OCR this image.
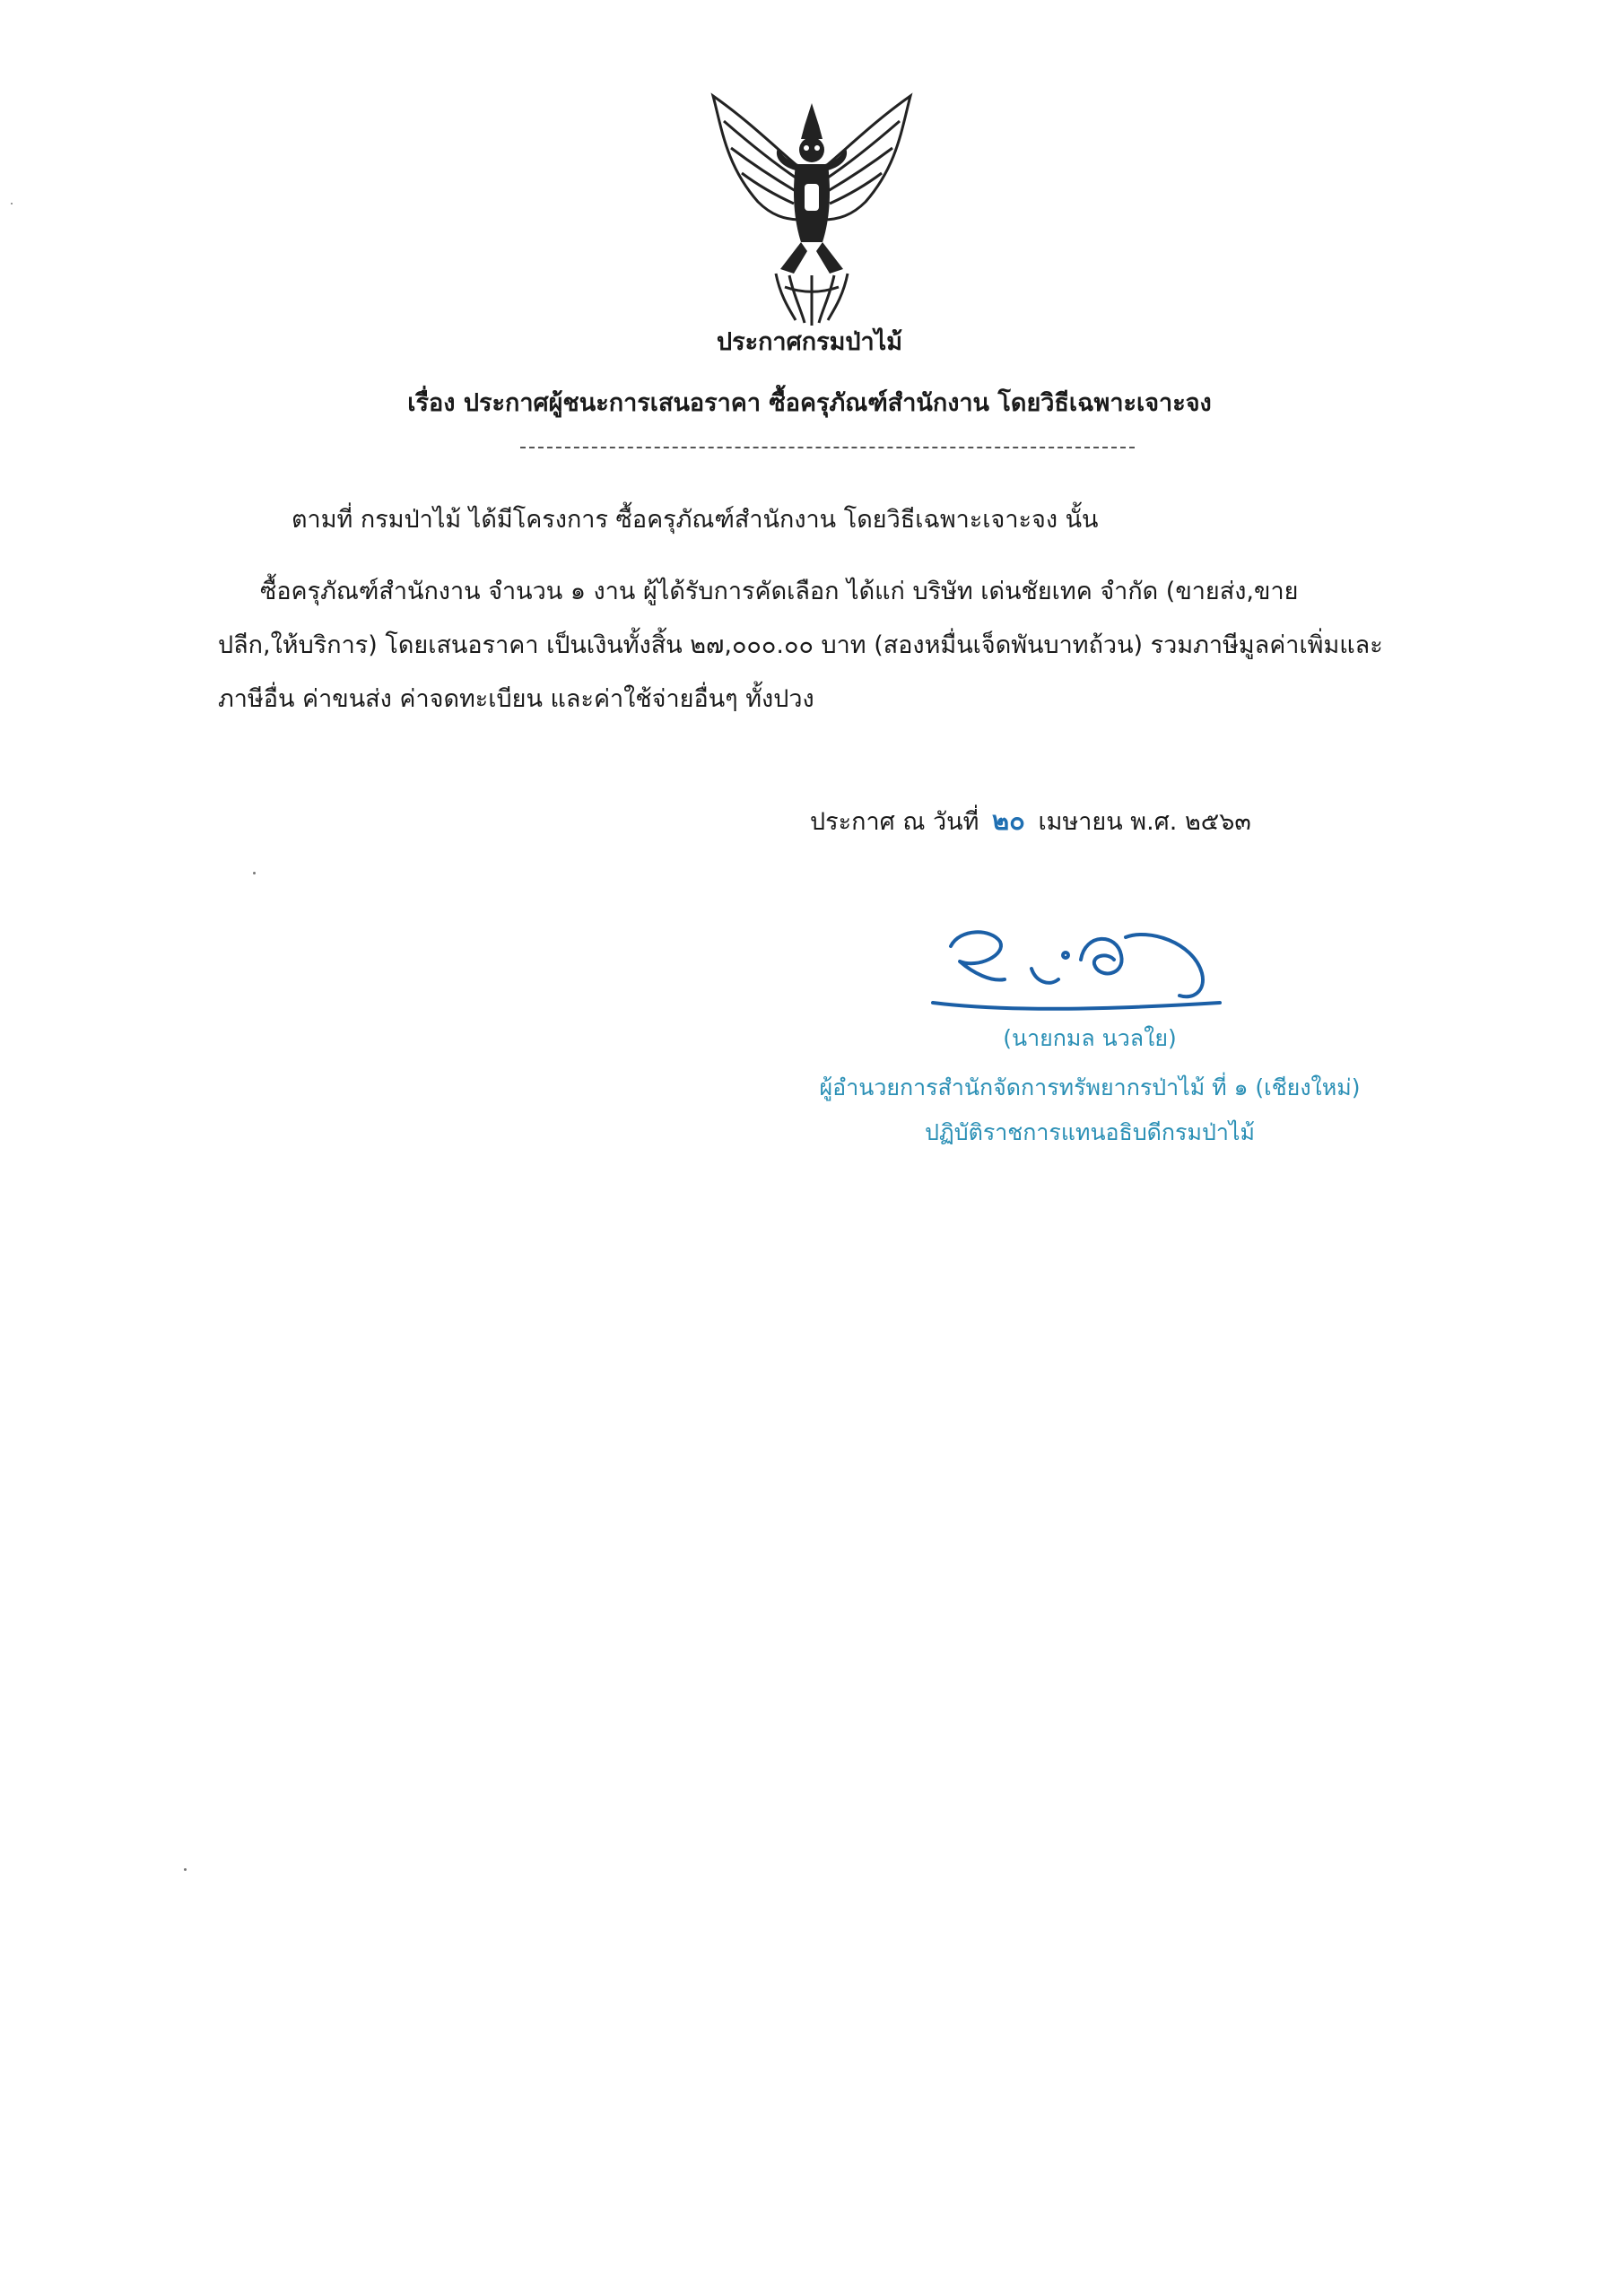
ประกาศกรมป่าไม้
เรื่อง ประกาศผู้ชนะการเสนอราคา ซื้อครุภัณฑ์สำนักงาน โดยวิธีเฉพาะเจาะจง
ตามที่ กรมป่าไม้ ได้มีโครงการ ซื้อครุภัณฑ์สำนักงาน โดยวิธีเฉพาะเจาะจง นั้น
ซื้อครุภัณฑ์สำนักงาน จำนวน ๑ งาน ผู้ได้รับการคัดเลือก ได้แก่ บริษัท เด่นชัยเทค จำกัด (ขายส่ง,ขาย
ปลีก,ให้บริการ) โดยเสนอราคา เป็นเงินทั้งสิ้น ๒๗,๐๐๐.๐๐ บาท (สองหมื่นเจ็ดพันบาทถ้วน) รวมภาษีมูลค่าเพิ่มและ
ภาษีอื่น ค่าขนส่ง ค่าจดทะเบียน และค่าใช้จ่ายอื่นๆ ทั้งปวง
ประกาศ ณ วันที่ ๒๐ เมษายน พ.ศ. ๒๕๖๓
(นายกมล นวลใย)
ผู้อำนวยการสำนักจัดการทรัพยากรป่าไม้ ที่ ๑ (เชียงใหม่)
ปฏิบัติราชการแทนอธิบดีกรมป่าไม้
